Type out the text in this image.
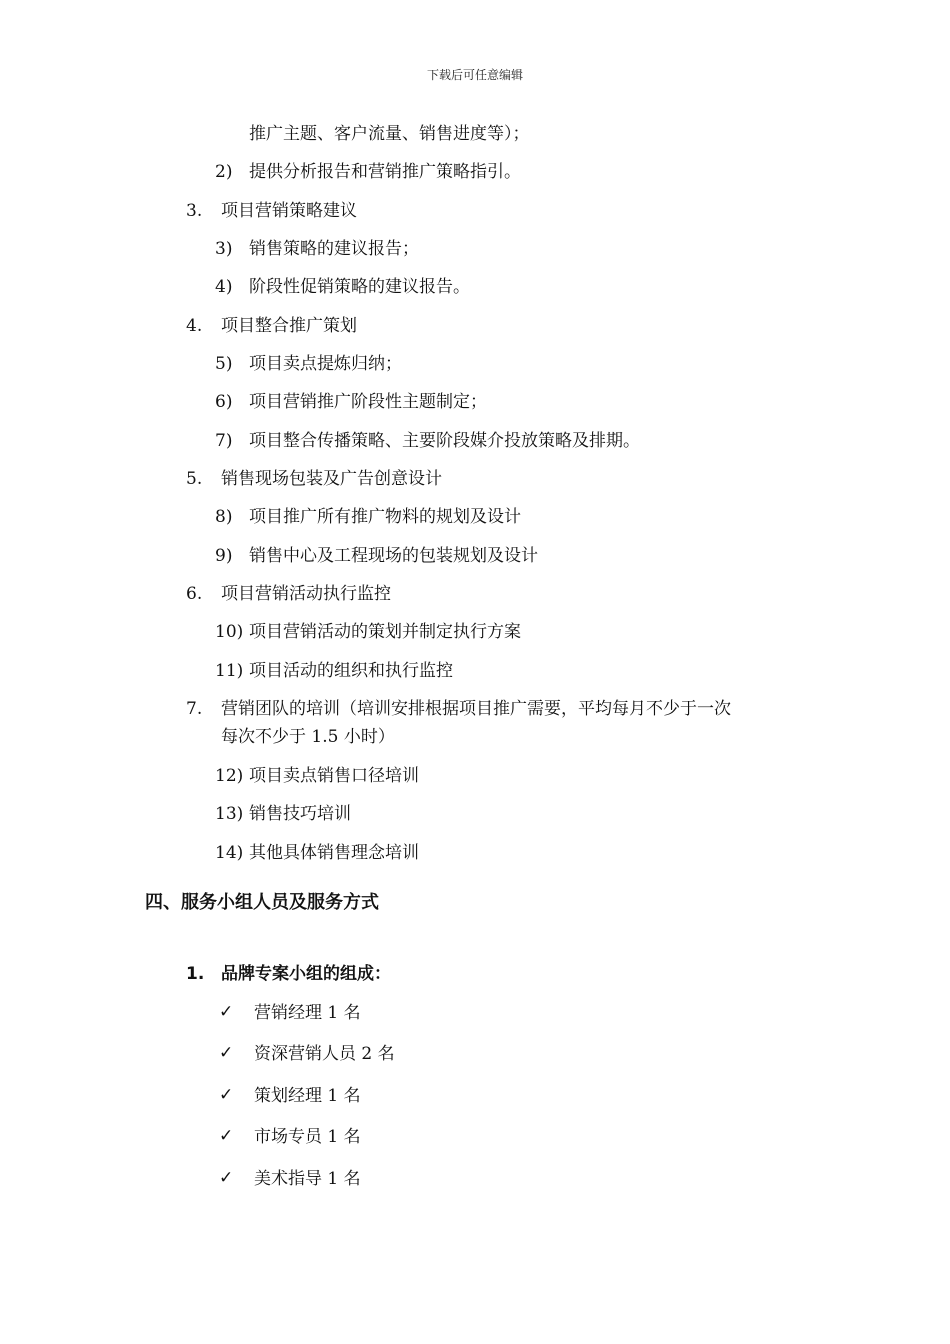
下载后可任意编辑
推广主题、客户流量、销售进度等）；
2) 提供分析报告和营销推广策略指引。
3. 项目营销策略建议
3) 销售策略的建议报告；
4) 阶段性促销策略的建议报告。
4. 项目整合推广策划
5) 项目卖点提炼归纳；
6) 项目营销推广阶段性主题制定；
7) 项目整合传播策略、主要阶段媒介投放策略及排期。
5. 销售现场包装及广告创意设计
8) 项目推广所有推广物料的规划及设计
9) 销售中心及工程现场的包装规划及设计
6. 项目营销活动执行监控
10) 项目营销活动的策划并制定执行方案
11) 项目活动的组织和执行监控
7. 营销团队的培训（培训安排根据项目推广需要，平均每月不少于一次
每次不少于 1.5 小时）
12) 项目卖点销售口径培训
13) 销售技巧培训
14) 其他具体销售理念培训
四、服务小组人员及服务方式
1. 品牌专案小组的组成：
✓ 营销经理 1 名
✓ 资深营销人员 2 名
✓ 策划经理 1 名
✓ 市场专员 1 名
✓ 美术指导 1 名
